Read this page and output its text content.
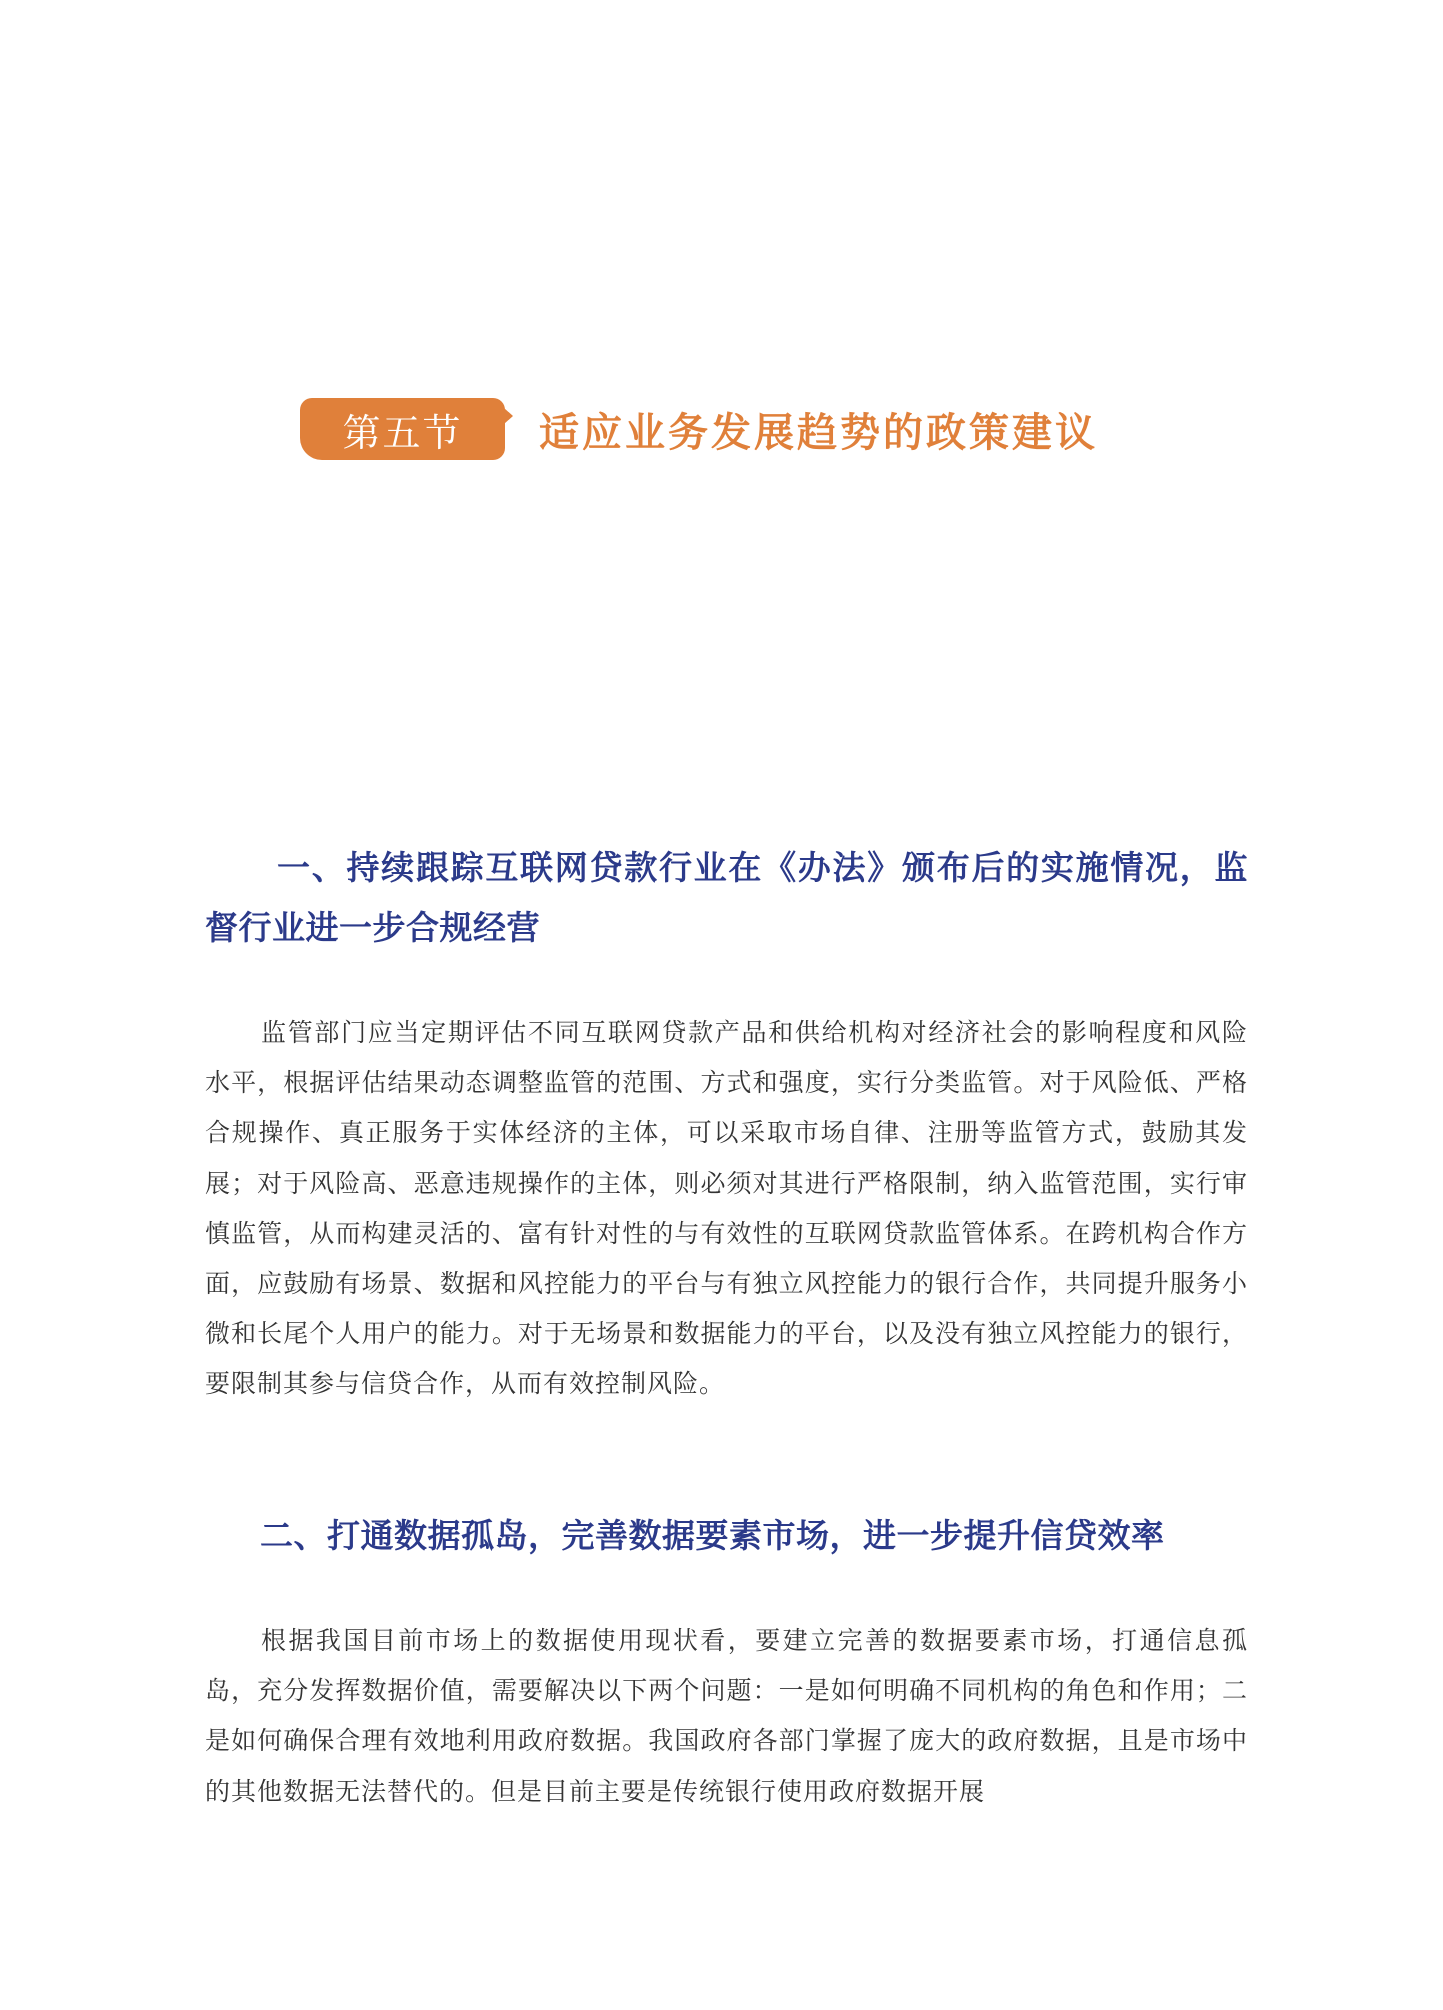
第五节	适应业务发展趋势的政策建议
一、持续跟踪互联网贷款行业在《办法》颁布后的实施情况，监督行业进一步合规经营

监管部门应当定期评估不同互联网贷款产品和供给机构对经济社会的影响程度和风险水平，根据评估结果动态调整监管的范围、方式和强度，实行分类监管。对于风险低、严格合规操作、真正服务于实体经济的主体，可以采取市场自律、注册等监管方式，鼓励其发展；对于风险高、恶意违规操作的主体，则必须对其进行严格限制，纳入监管范围，实行审慎监管，从而构建灵活的、富有针对性的与有效性的互联网贷款监管体系。在跨机构合作方面，应鼓励有场景、数据和风控能力的平台与有独立风控能力的银行合作，共同提升服务小微和长尾个人用户的能力。对于无场景和数据能力的平台，以及没有独立风控能力的银行，要限制其参与信贷合作，从而有效控制风险。

二、打通数据孤岛，完善数据要素市场，进一步提升信贷效率

根据我国目前市场上的数据使用现状看，要建立完善的数据要素市场，打通信息孤岛，充分发挥数据价值，需要解决以下两个问题：一是如何明确不同机构的角色和作用；二是如何确保合理有效地利用政府数据。我国政府各部门掌握了庞大的政府数据，且是市场中的其他数据无法替代的。但是目前主要是传统银行使用政府数据开展
